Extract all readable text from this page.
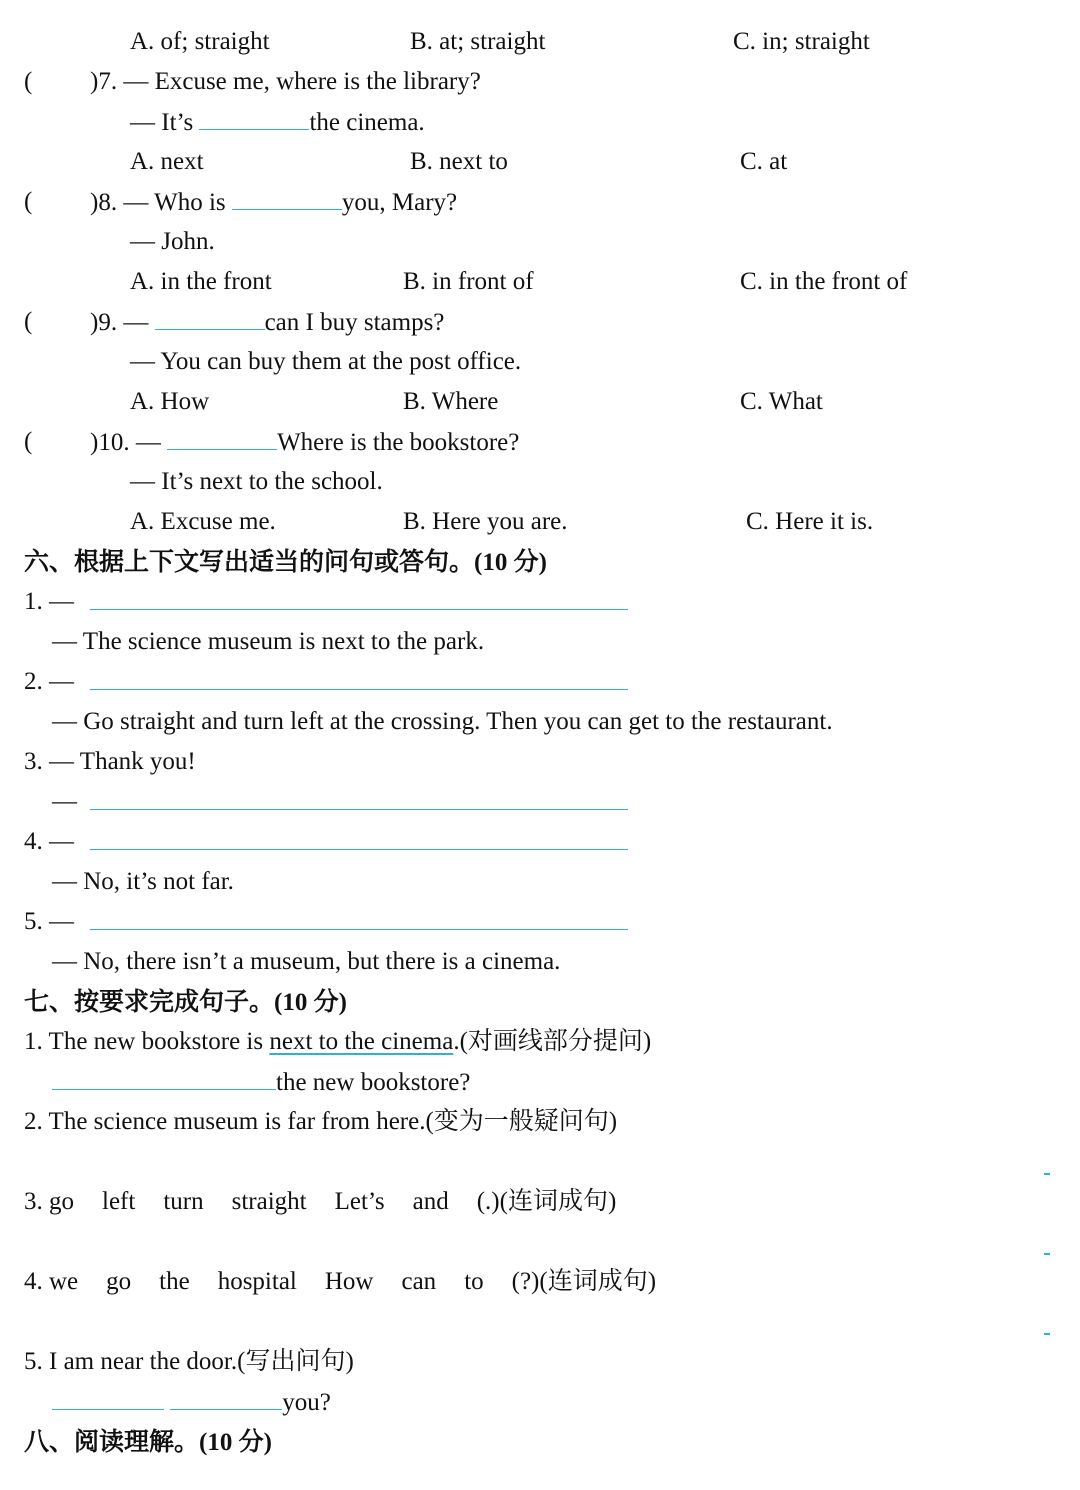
A. of; straight	B. at; straight	C. in; straight
( )7. — Excuse me, where is the library?
— It’s	the cinema.
A. next	B. next to	C. at
( )8. — Who is	you, Mary?
— John.
A. in the front	B. in front of	C. in the front of
( )9. —	can I buy stamps?
— You can buy them at the post office.
A. How	B. Where	C. What
( )10. —	Where is the bookstore?
— It’s next to the school.
A. Excuse me.	B. Here you are.	C. Here it is.
六、根据上下文写出适当的问句或答句。(10 分)
1. —
— The science museum is next to the park.
2. —
— Go straight and turn left at the crossing. Then you can get to the restaurant.
3. — Thank you!
—
4. —
— No, it’s not far.
5. —
— No, there isn’t a museum, but there is a cinema.
七、按要求完成句子。(10 分)
1. The new bookstore is next to the cinema.(对画线部分提问)
the new bookstore?
2. The science museum is far from here.(变为一般疑问句)
3. go left turn straight Let’s and (.)(连词成句)
4. we go the hospital How can to (?)(连词成句)
5. I am near the door.(写出问句)
you?
八、阅读理解。(10 分)
